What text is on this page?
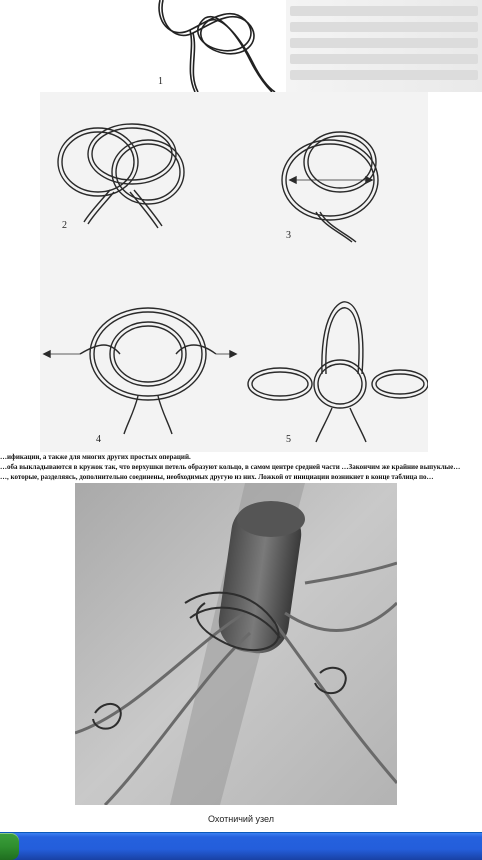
1
2
3
4	5
…ификации, а также для многих других простых операций.
…оба выкладываются в кружок так, что верхушки петель образуют кольцо, в самом центре средней части …Закончим же крайние выпуклые…
…, которые, разделяясь, дополнительно соединены, необходимых другую из них. Ложкой от инициации возникнет в конце таблица по…
Охотничий узел
